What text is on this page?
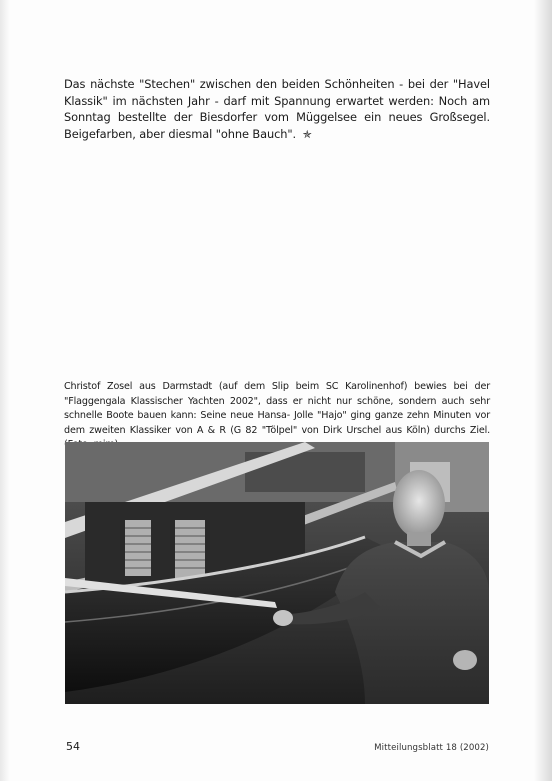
Das nächste "Stechen" zwischen den beiden Schönheiten - bei der "Havel Klassik" im nächsten Jahr - darf mit Spannung erwartet werden: Noch am Sonntag bestellte der Biesdorfer vom Müggelsee ein neues Großsegel. Beigefarben, aber diesmal "ohne Bauch". ✯

Christof Zosel aus Darmstadt (auf dem Slip beim SC Karolinenhof) bewies bei der "Flaggengala Klassischer Yachten 2002", dass er nicht nur schöne, sondern auch sehr schnelle Boote bauen kann: Seine neue Hansa- Jolle "Hajo" ging ganze zehn Minuten vor dem zweiten Klassiker von A & R (G 82 "Tölpel" von Dirk Urschel aus Köln) durchs Ziel.

54	Mitteilungsblatt 18 (2002)
